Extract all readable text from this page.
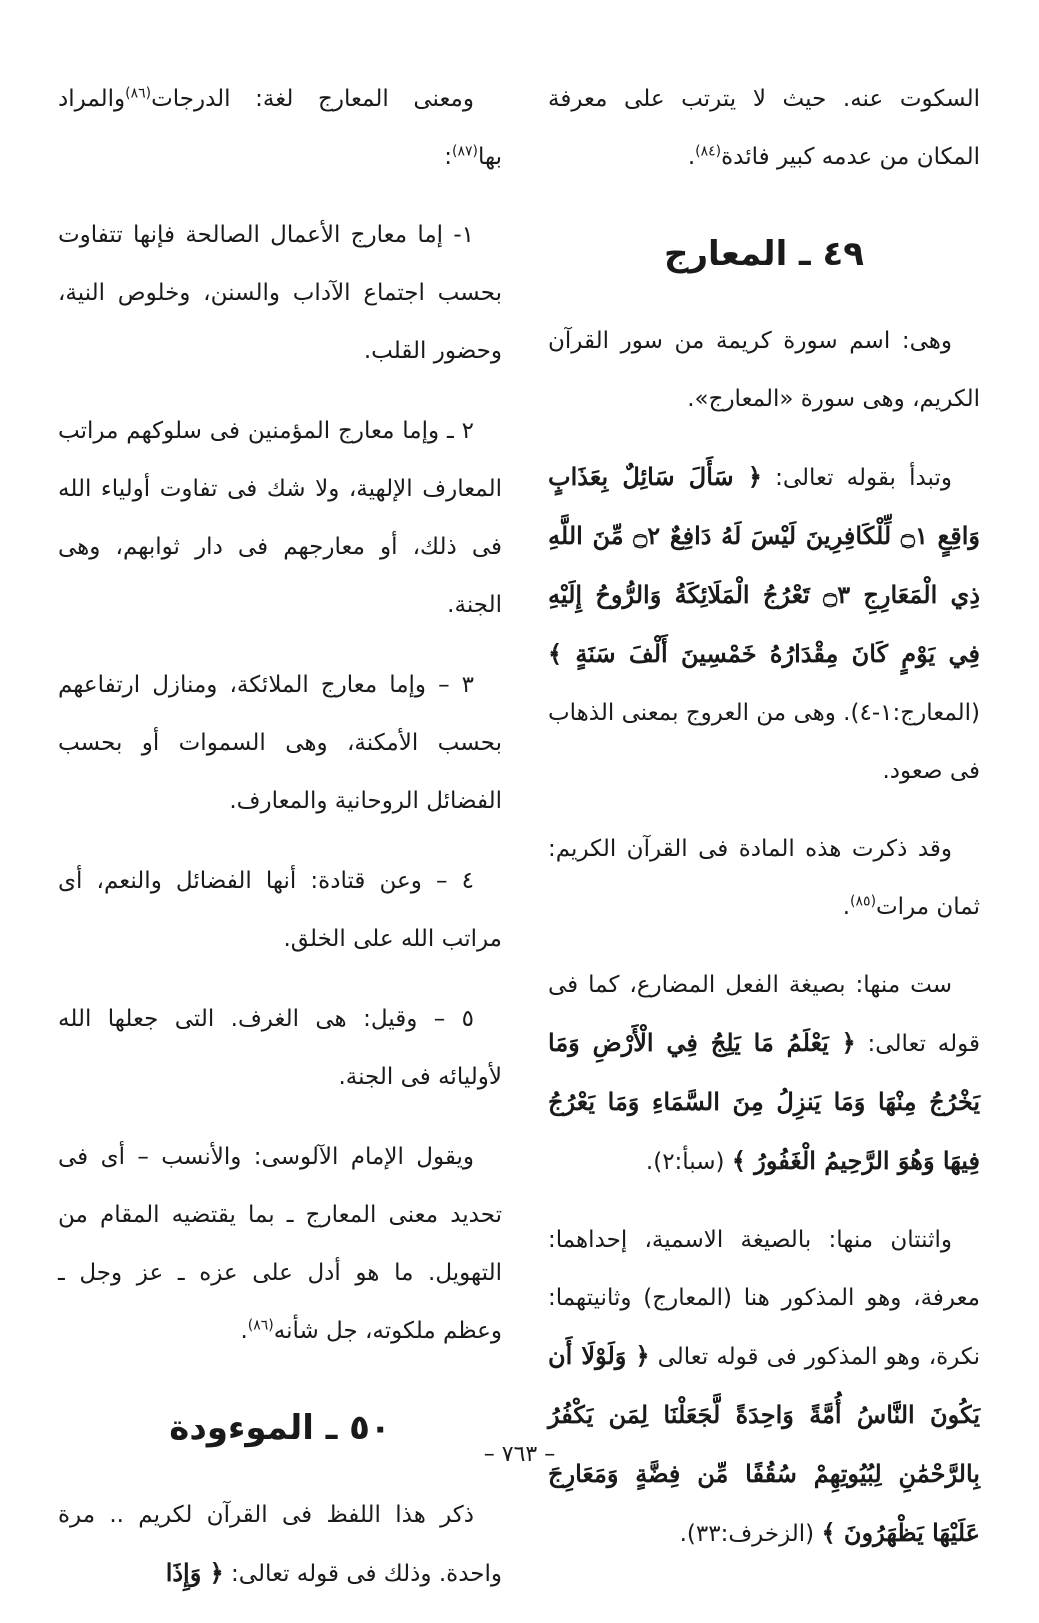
السكوت عنه. حيث لا يترتب على معرفة المكان من عدمه كبير فائدة$^{(٨٤)}$.

٤٩ ـ المعارج

وهى: اسم سورة كريمة من سور القرآن الكريم، وهى سورة «المعارج».

وتبدأ بقوله تعالى: ﴿ سَأَلَ سَائِلٌ بِعَذَابٍ وَاقِعٍ ۝١ لِّلْكَافِرِينَ لَيْسَ لَهُ دَافِعٌ ۝٢ مِّنَ اللَّهِ ذِي الْمَعَارِجِ ۝٣ تَعْرُجُ الْمَلَائِكَةُ وَالرُّوحُ إِلَيْهِ فِي يَوْمٍ كَانَ مِقْدَارُهُ خَمْسِينَ أَلْفَ سَنَةٍ ﴾ (المعارج:١-٤). وهى من العروج بمعنى الذهاب فى صعود.

وقد ذكرت هذه المادة فى القرآن الكريم: ثمان مرات$^{(٨٥)}$.

ست منها: بصيغة الفعل المضارع، كما فى قوله تعالى: ﴿ يَعْلَمُ مَا يَلِجُ فِي الْأَرْضِ وَمَا يَخْرُجُ مِنْهَا وَمَا يَنزِلُ مِنَ السَّمَاءِ وَمَا يَعْرُجُ فِيهَا وَهُوَ الرَّحِيمُ الْغَفُورُ ﴾ (سبأ:٢).

واثنتان منها: بالصيغة الاسمية، إحداهما: معرفة، وهو المذكور هنا (المعارج) وثانيتهما: نكرة، وهو المذكور فى قوله تعالى ﴿ وَلَوْلَا أَن يَكُونَ النَّاسُ أُمَّةً وَاحِدَةً لَّجَعَلْنَا لِمَن يَكْفُرُ بِالرَّحْمَٰنِ لِبُيُوتِهِمْ سُقُفًا مِّن فِضَّةٍ وَمَعَارِجَ عَلَيْهَا يَظْهَرُونَ ﴾ (الزخرف:٣٣).

ومعنى المعارج لغة: الدرجات$^{(٨٦)}$والمراد بها$^{(٨٧)}$:

١- إما معارج الأعمال الصالحة فإنها تتفاوت بحسب اجتماع الآداب والسنن، وخلوص النية، وحضور القلب.

٢ ـ وإما معارج المؤمنين فى سلوكهم مراتب المعارف الإلهية، ولا شك فى تفاوت أولياء الله فى ذلك، أو معارجهم فى دار ثوابهم، وهى الجنة.

٣ – وإما معارج الملائكة، ومنازل ارتفاعهم بحسب الأمكنة، وهى السموات أو بحسب الفضائل الروحانية والمعارف.

٤ – وعن قتادة: أنها الفضائل والنعم، أى مراتب الله على الخلق.

٥ – وقيل: هى الغرف. التى جعلها الله لأوليائه فى الجنة.

ويقول الإمام الآلوسى: والأنسب – أى فى تحديد معنى المعارج ـ بما يقتضيه المقام من التهويل. ما هو أدل على عزه ـ عز وجل ـ وعظم ملكوته، جل شأنه$^{(٨٦)}$.

٥٠ ـ الموءودة

ذكر هذا اللفظ فى القرآن لكريم .. مرة واحدة. وذلك فى قوله تعالى: ﴿ وَإِذَا

– ٧٦٣ –
